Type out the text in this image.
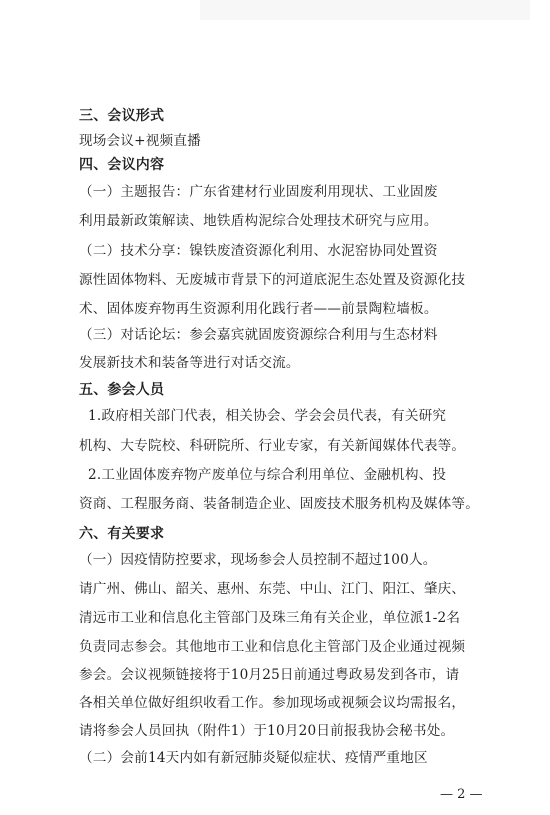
三、会议形式
现场会议+视频直播
四、会议内容
（一）主题报告：广东省建材行业固废利用现状、工业固废
利用最新政策解读、地铁盾构泥综合处理技术研究与应用。
（二）技术分享：镍铁废渣资源化利用、水泥窑协同处置资
源性固体物料、无废城市背景下的河道底泥生态处置及资源化技
术、固体废弃物再生资源利用化践行者——前景陶粒墙板。
（三）对话论坛：参会嘉宾就固废资源综合利用与生态材料
发展新技术和装备等进行对话交流。
五、参会人员
1.政府相关部门代表，相关协会、学会会员代表，有关研究
机构、大专院校、科研院所、行业专家，有关新闻媒体代表等。
2.工业固体废弃物产废单位与综合利用单位、金融机构、投
资商、工程服务商、装备制造企业、固废技术服务机构及媒体等。
六、有关要求
（一）因疫情防控要求，现场参会人员控制不超过100人。
请广州、佛山、韶关、惠州、东莞、中山、江门、阳江、肇庆、
清远市工业和信息化主管部门及珠三角有关企业，单位派1-2名
负责同志参会。其他地市工业和信息化主管部门及企业通过视频
参会。会议视频链接将于10月25日前通过粤政易发到各市，请
各相关单位做好组织收看工作。参加现场或视频会议均需报名，
请将参会人员回执（附件1）于10月20日前报我协会秘书处。
（二）会前14天内如有新冠肺炎疑似症状、疫情严重地区
— 2 —
